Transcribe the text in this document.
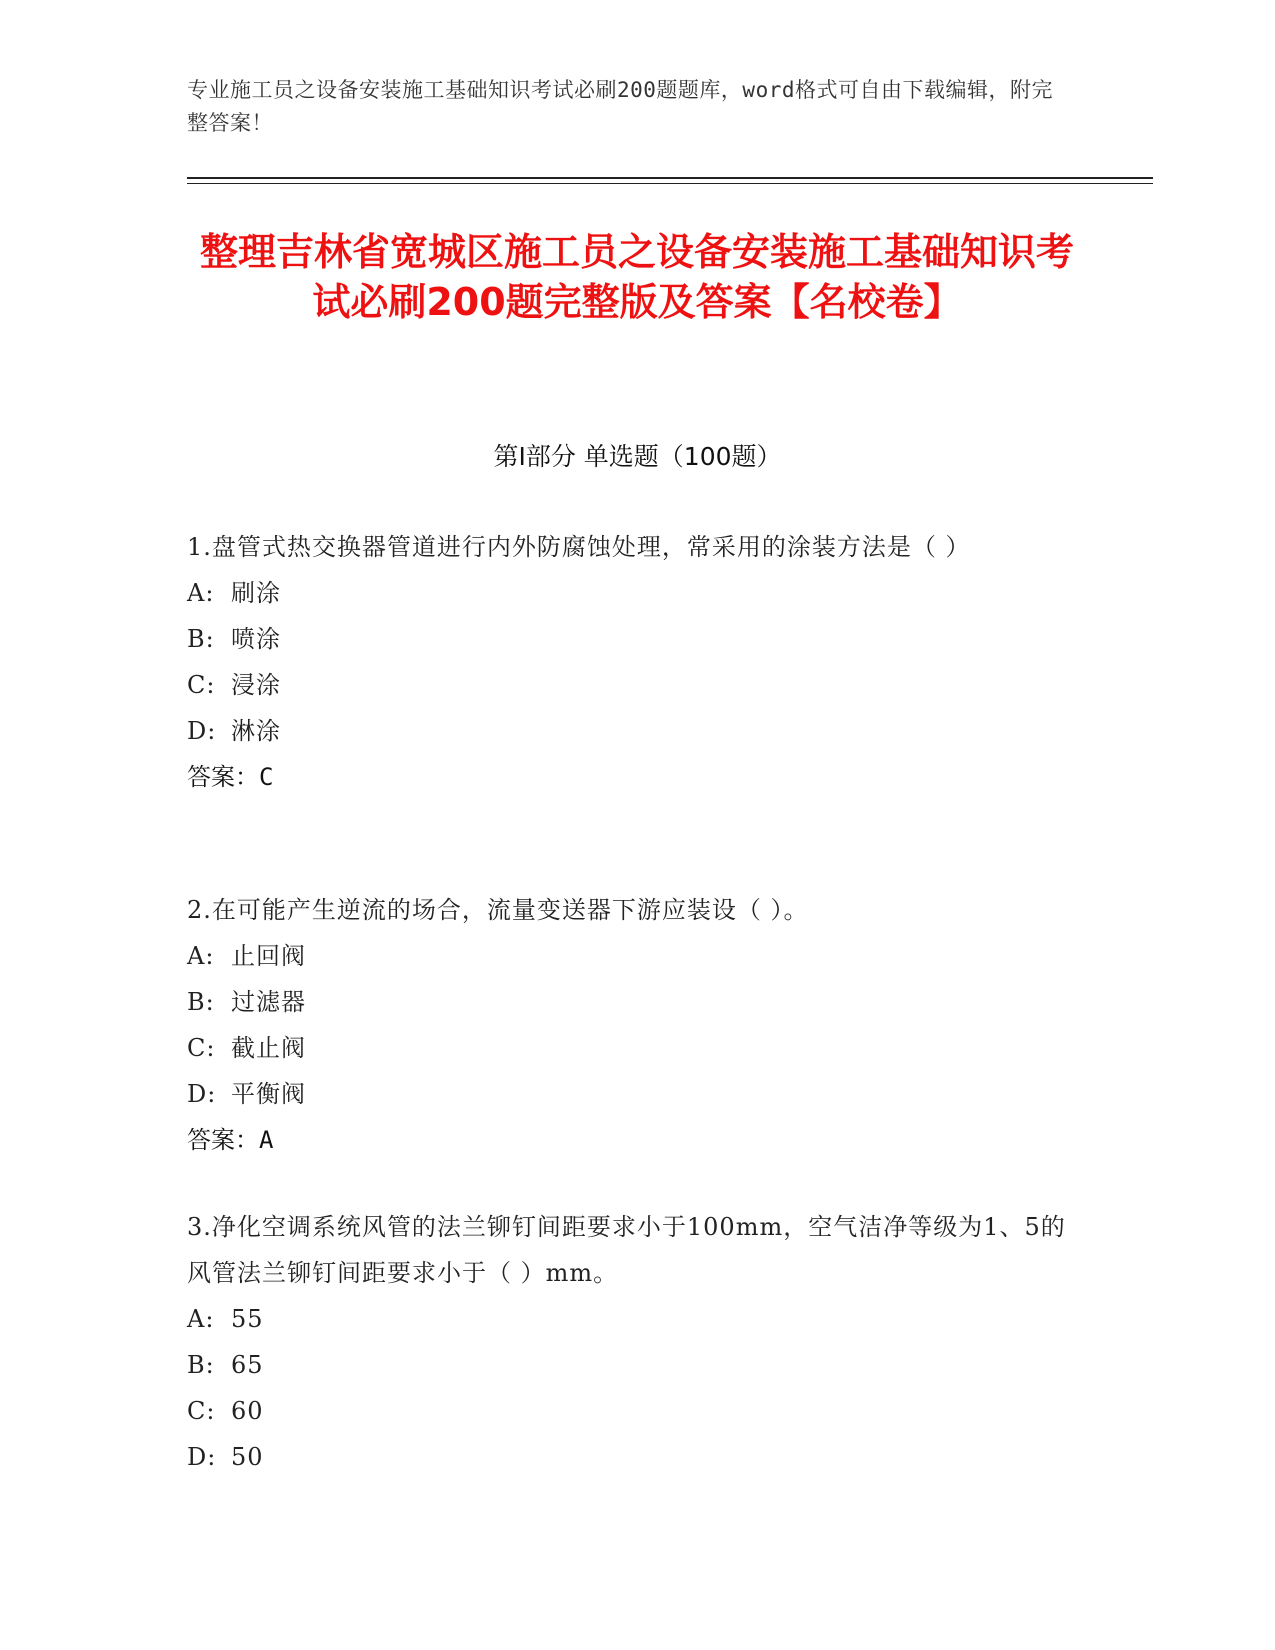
专业施工员之设备安装施工基础知识考试必刷200题题库，word格式可自由下载编辑，附完整答案！
整理吉林省宽城区施工员之设备安装施工基础知识考试必刷200题完整版及答案【名校卷】
第Ⅰ部分 单选题（100题）
1.盘管式热交换器管道进行内外防腐蚀处理，常采用的涂装方法是（ ）
A: 刷涂
B: 喷涂
C: 浸涂
D: 淋涂
答案：C
2.在可能产生逆流的场合，流量变送器下游应装设（ ）。
A: 止回阀
B: 过滤器
C: 截止阀
D: 平衡阀
答案：A
3.净化空调系统风管的法兰铆钉间距要求小于100mm，空气洁净等级为1、5的风管法兰铆钉间距要求小于（ ）mm。
A: 55
B: 65
C: 60
D: 50
